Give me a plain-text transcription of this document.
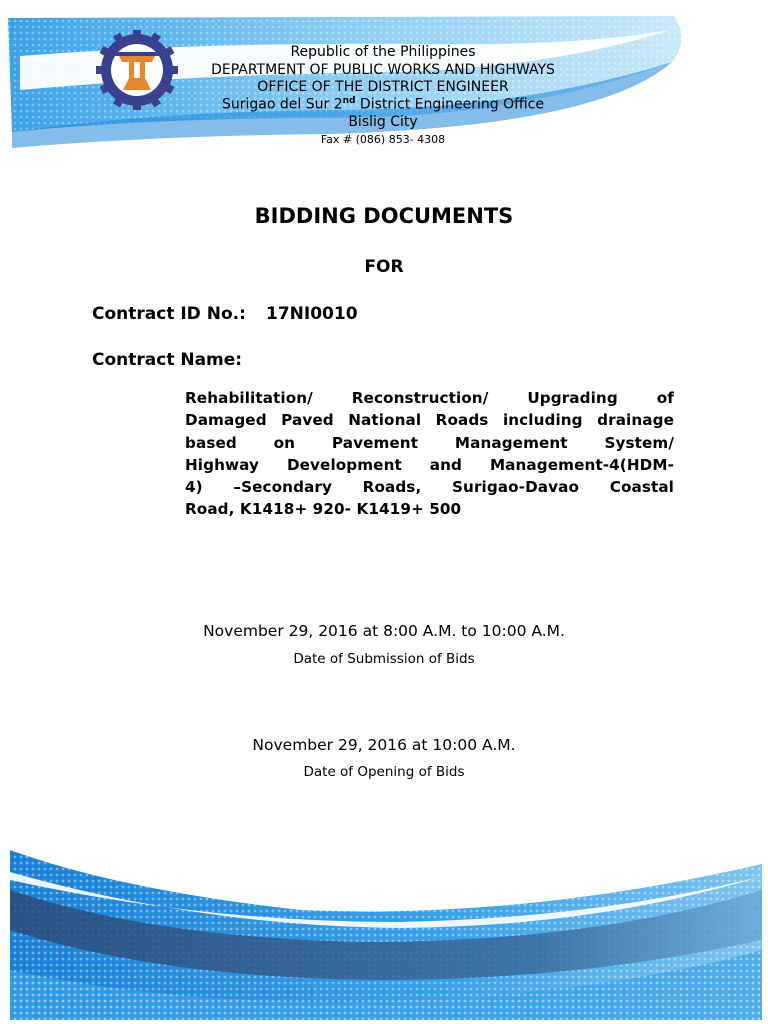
Republic of the Philippines
DEPARTMENT OF PUBLIC WORKS AND HIGHWAYS
OFFICE OF THE DISTRICT ENGINEER
Surigao del Sur 2nd District Engineering Office
Bislig City
Fax # (086) 853- 4308
BIDDING DOCUMENTS
FOR
Contract ID No.: 17NI0010
Contract Name:
Rehabilitation/ Reconstruction/ Upgrading of
Damaged Paved National Roads including drainage
based on Pavement Management System/
Highway Development and Management-4(HDM-
4) –Secondary Roads, Surigao-Davao Coastal
Road, K1418+ 920- K1419+ 500
November 29, 2016 at 8:00 A.M. to 10:00 A.M.
Date of Submission of Bids
November 29, 2016 at 10:00 A.M.
Date of Opening of Bids
